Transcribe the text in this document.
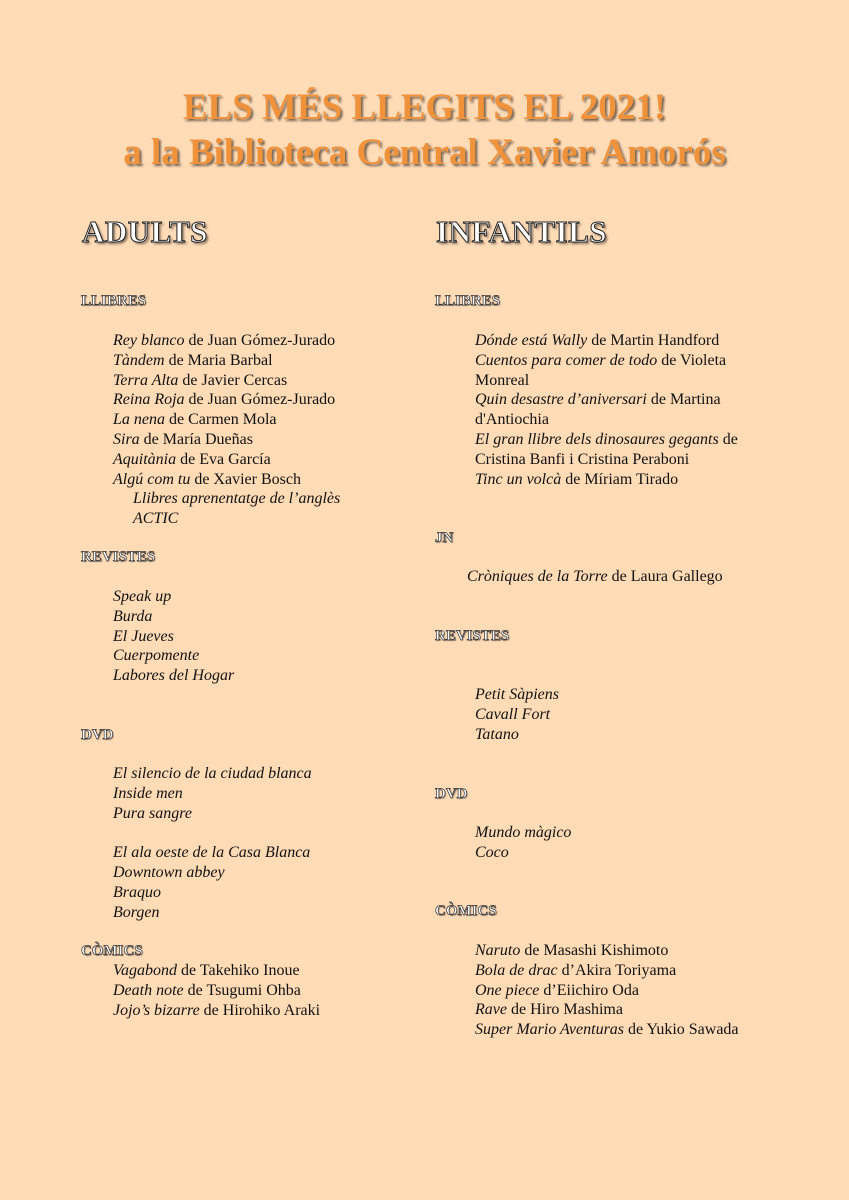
ELS MÉS LLEGITS EL 2021!
a la Biblioteca Central Xavier Amorós
ADULTS
LLIBRES
Rey blanco de Juan Gómez-Jurado
Tàndem de Maria Barbal
Terra Alta de Javier Cercas
Reina Roja de Juan Gómez-Jurado
La nena de Carmen Mola
Sira de María Dueñas
Aquitània de Eva García
Algú com tu de Xavier Bosch
Llibres aprenentatge de l’anglès
ACTIC
REVISTES
Speak up
Burda
El Jueves
Cuerpomente
Labores del Hogar
DVD
El silencio de la ciudad blanca
Inside men
Pura sangre
El ala oeste de la Casa Blanca
Downtown abbey
Braquo
Borgen
CÒMICS
Vagabond de Takehiko Inoue
Death note de Tsugumi Ohba
Jojo’s bizarre de Hirohiko Araki
INFANTILS
LLIBRES
Dónde está Wally de Martin Handford
Cuentos para comer de todo de Violeta
Monreal
Quin desastre d’aniversari de Martina
d'Antiochia
El gran llibre dels dinosaures gegants de
Cristina Banfi i Cristina Peraboni
Tinc un volcà de Míriam Tirado
JN
Cròniques de la Torre de Laura Gallego
REVISTES
Petit Sàpiens
Cavall Fort
Tatano
DVD
Mundo màgico
Coco
CÒMICS
Naruto de Masashi Kishimoto
Bola de drac d’Akira Toriyama
One piece d’Eiichiro Oda
Rave de Hiro Mashima
Super Mario Aventuras de Yukio Sawada
